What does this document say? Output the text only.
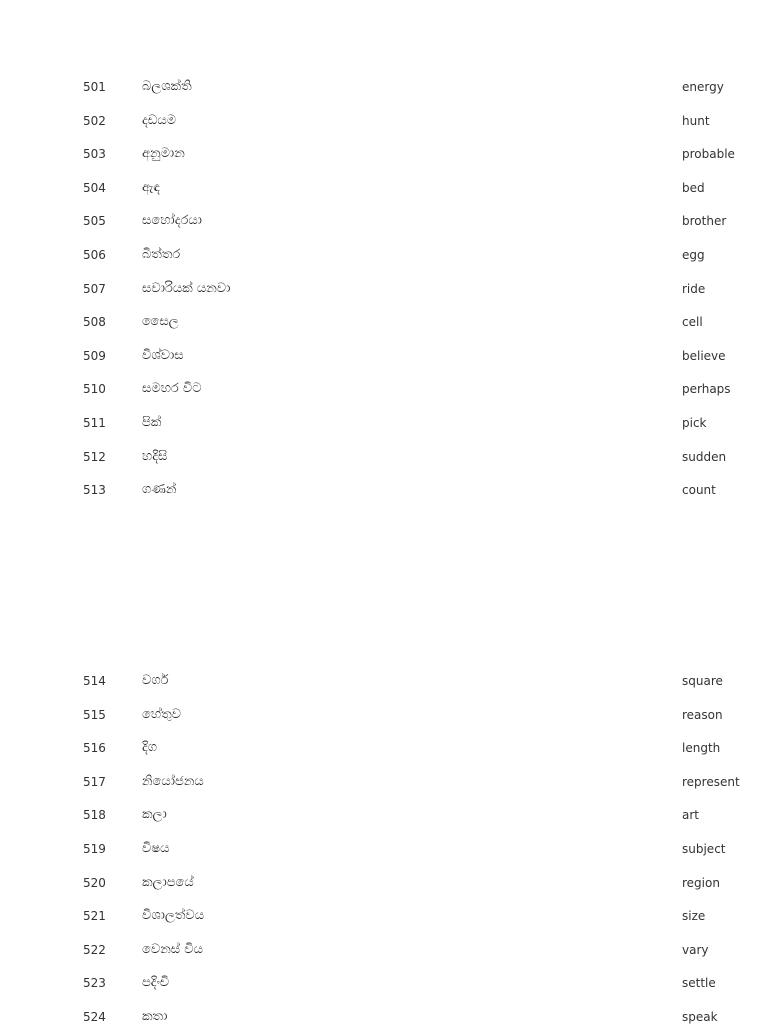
501	බලශක්ති	energy
502	දඩයම	hunt
503	අනුමාන	probable
504	ඇඳ	bed
505	සහෝදරයා	brother
506	බිත්තර	egg
507	සවාරියක් යනවා	ride
508	සෛල	cell
509	විශ්වාස	believe
510	සමහර විට	perhaps
511	පික්	pick
512	හදිසි	sudden
513	ගණන්	count
514	වර්ග	square
515	හේතුව	reason
516	දිග	length
517	නියෝජනය	represent
518	කලා	art
519	විෂය	subject
520	කලාපයේ	region
521	විශාලත්වය	size
522	වෙනස් විය	vary
523	පදිංචි	settle
524	කතා	speak
